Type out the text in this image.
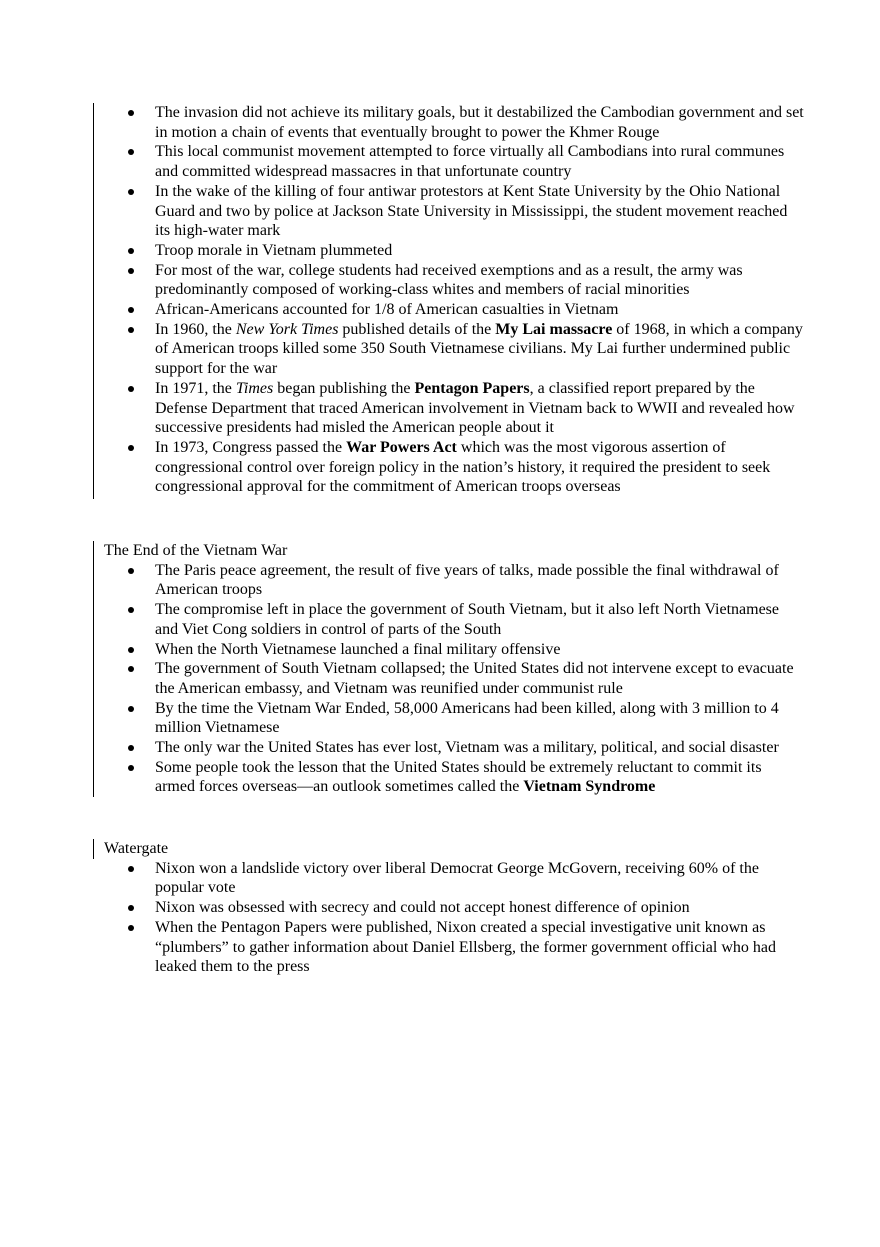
The invasion did not achieve its military goals, but it destabilized the Cambodian government and set in motion a chain of events that eventually brought to power the Khmer Rouge
This local communist movement attempted to force virtually all Cambodians into rural communes and committed widespread massacres in that unfortunate country
In the wake of the killing of four antiwar protestors at Kent State University by the Ohio National Guard and two by police at Jackson State University in Mississippi, the student movement reached its high-water mark
Troop morale in Vietnam plummeted
For most of the war, college students had received exemptions and as a result, the army was predominantly composed of working-class whites and members of racial minorities
African-Americans accounted for 1/8 of American casualties in Vietnam
In 1960, the New York Times published details of the My Lai massacre of 1968, in which a company of American troops killed some 350 South Vietnamese civilians. My Lai further undermined public support for the war
In 1971, the Times began publishing the Pentagon Papers, a classified report prepared by the Defense Department that traced American involvement in Vietnam back to WWII and revealed how successive presidents had misled the American people about it
In 1973, Congress passed the War Powers Act which was the most vigorous assertion of congressional control over foreign policy in the nation’s history, it required the president to seek congressional approval for the commitment of American troops overseas
The End of the Vietnam War
The Paris peace agreement, the result of five years of talks, made possible the final withdrawal of American troops
The compromise left in place the government of South Vietnam, but it also left North Vietnamese and Viet Cong soldiers in control of parts of the South
When the North Vietnamese launched a final military offensive
The government of South Vietnam collapsed; the United States did not intervene except to evacuate the American embassy, and Vietnam was reunified under communist rule
By the time the Vietnam War Ended, 58,000 Americans had been killed, along with 3 million to 4 million Vietnamese
The only war the United States has ever lost, Vietnam was a military, political, and social disaster
Some people took the lesson that the United States should be extremely reluctant to commit its armed forces overseas—an outlook sometimes called the Vietnam Syndrome
Watergate
Nixon won a landslide victory over liberal Democrat George McGovern, receiving 60% of the popular vote
Nixon was obsessed with secrecy and could not accept honest difference of opinion
When the Pentagon Papers were published, Nixon created a special investigative unit known as “plumbers” to gather information about Daniel Ellsberg, the former government official who had leaked them to the press
